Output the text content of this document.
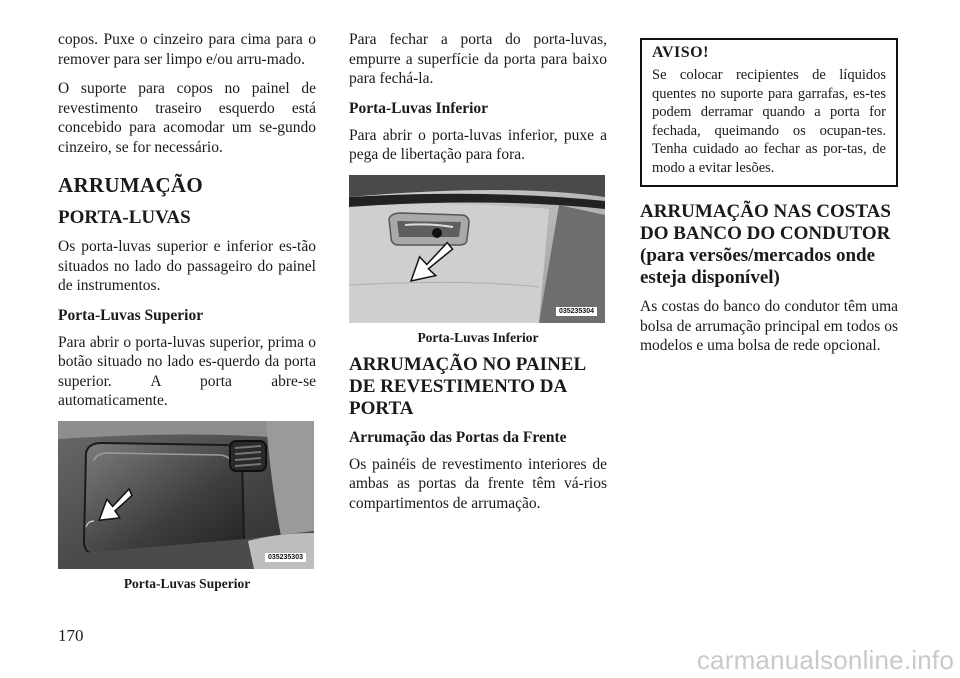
copos. Puxe o cinzeiro para cima para o remover para ser limpo e/ou arru-mado.

O suporte para copos no painel de revestimento traseiro esquerdo está concebido para acomodar um se-gundo cinzeiro, se for necessário.

ARRUMAÇÃO
PORTA-LUVAS

Os porta-luvas superior e inferior es-tão situados no lado do passageiro do painel de instrumentos.

Porta-Luvas Superior

Para abrir o porta-luvas superior, prima o botão situado no lado es-querdo da porta superior. A porta abre-se automaticamente.

035235303
Porta-Luvas Superior

Para fechar a porta do porta-luvas, empurre a superfície da porta para baixo para fechá-la.

Porta-Luvas Inferior

Para abrir o porta-luvas inferior, puxe a pega de libertação para fora.

035235304
Porta-Luvas Inferior
ARRUMAÇÃO NO PAINEL DE REVESTIMENTO DA PORTA
Arrumação das Portas da Frente

Os painéis de revestimento interiores de ambas as portas da frente têm vá-rios compartimentos de arrumação.

AVISO!

Se colocar recipientes de líquidos quentes no suporte para garrafas, es-tes podem derramar quando a porta for fechada, queimando os ocupan-tes. Tenha cuidado ao fechar as por-tas, de modo a evitar lesões.

ARRUMAÇÃO NAS COSTAS DO BANCO DO CONDUTOR (para versões/mercados onde esteja disponível)

As costas do banco do condutor têm uma bolsa de arrumação principal em todos os modelos e uma bolsa de rede opcional.

170
carmanualsonline.info
